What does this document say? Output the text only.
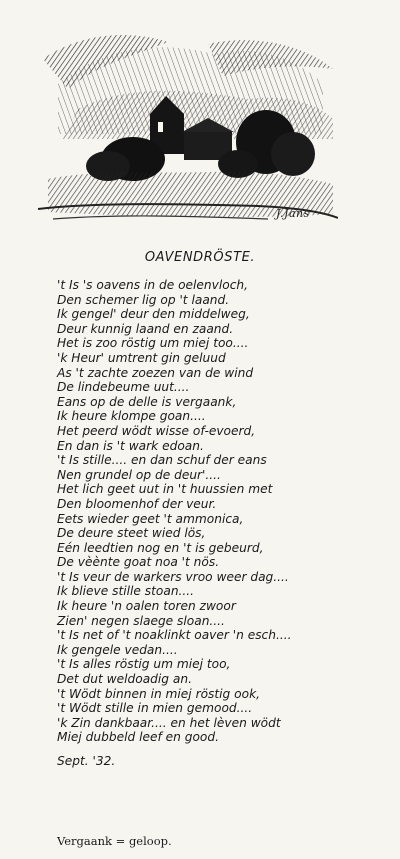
J.Jans
OAVENDRÖSTE.
't Is 's oavens in de oelenvloch,
Den schemer lig op 't laand.
Ik gengel' deur den middelweg,
Deur kunnig laand en zaand.
Het is zoo röstig um miej too....
'k Heur' umtrent gin geluud
As 't zachte zoezen van de wind
De lindebeume uut....
Eans op de delle is vergaank,
Ik heure klompe goan....
Het peerd wödt wisse of-evoerd,
En dan is 't wark edoan.
't Is stille.... en dan schuf der eans
Nen grundel op de deur'....
Het lich geet uut in 't huussien met
Den bloomenhof der veur.
Eets wieder geet 't ammonica,
De deure steet wied lös,
Eén leedtien nog en 't is gebeurd,
De vèènte goat noa 't nös.
't Is veur de warkers vroo weer dag....
Ik blieve stille stoan....
Ik heure 'n oalen toren zwoor
Zien' negen slaege sloan....
't Is net of 't noaklinkt oaver 'n esch....
Ik gengele vedan....
't Is alles röstig um miej too,
Det dut weldoadig an.
't Wödt binnen in miej röstig ook,
't Wödt stille in mien gemood....
'k Zin dankbaar.... en het lèven wödt
Miej dubbeld leef en good.
Sept. '32.
Vergaank = geloop.
